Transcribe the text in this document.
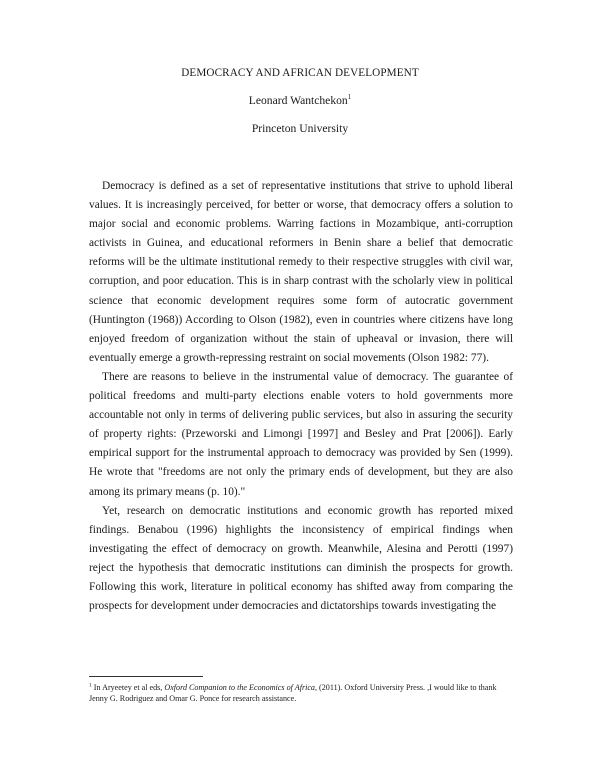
DEMOCRACY AND AFRICAN DEVELOPMENT
Leonard Wantchekon$^1$
Princeton University

Democracy is defined as a set of representative institutions that strive to uphold liberal values. It is increasingly perceived, for better or worse, that democracy offers a solution to major social and economic problems. Warring factions in Mozambique, anti-corruption activists in Guinea, and educational reformers in Benin share a belief that democratic reforms will be the ultimate institutional remedy to their respective struggles with civil war, corruption, and poor education. This is in sharp contrast with the scholarly view in political science that economic development requires some form of autocratic government (Huntington (1968)) According to Olson (1982), even in countries where citizens have long enjoyed freedom of organization without the stain of upheaval or invasion, there will eventually emerge a growth-repressing restraint on social movements (Olson 1982: 77).

There are reasons to believe in the instrumental value of democracy. The guarantee of political freedoms and multi-party elections enable voters to hold governments more accountable not only in terms of delivering public services, but also in assuring the security of property rights: (Przeworski and Limongi [1997] and Besley and Prat [2006]). Early empirical support for the instrumental approach to democracy was provided by Sen (1999). He wrote that "freedoms are not only the primary ends of development, but they are also among its primary means (p. 10)."

Yet, research on democratic institutions and economic growth has reported mixed findings. Benabou (1996) highlights the inconsistency of empirical findings when investigating the effect of democracy on growth. Meanwhile, Alesina and Perotti (1997) reject the hypothesis that democratic institutions can diminish the prospects for growth. Following this work, literature in political economy has shifted away from comparing the prospects for development under democracies and dictatorships towards investigating the

$^1$ In Aryeetey et al eds, Oxford Companion to the Economics of Africa, (2011). Oxford University Press. ,I would like to thank Jenny G. Rodriguez and Omar G. Ponce for research assistance.
